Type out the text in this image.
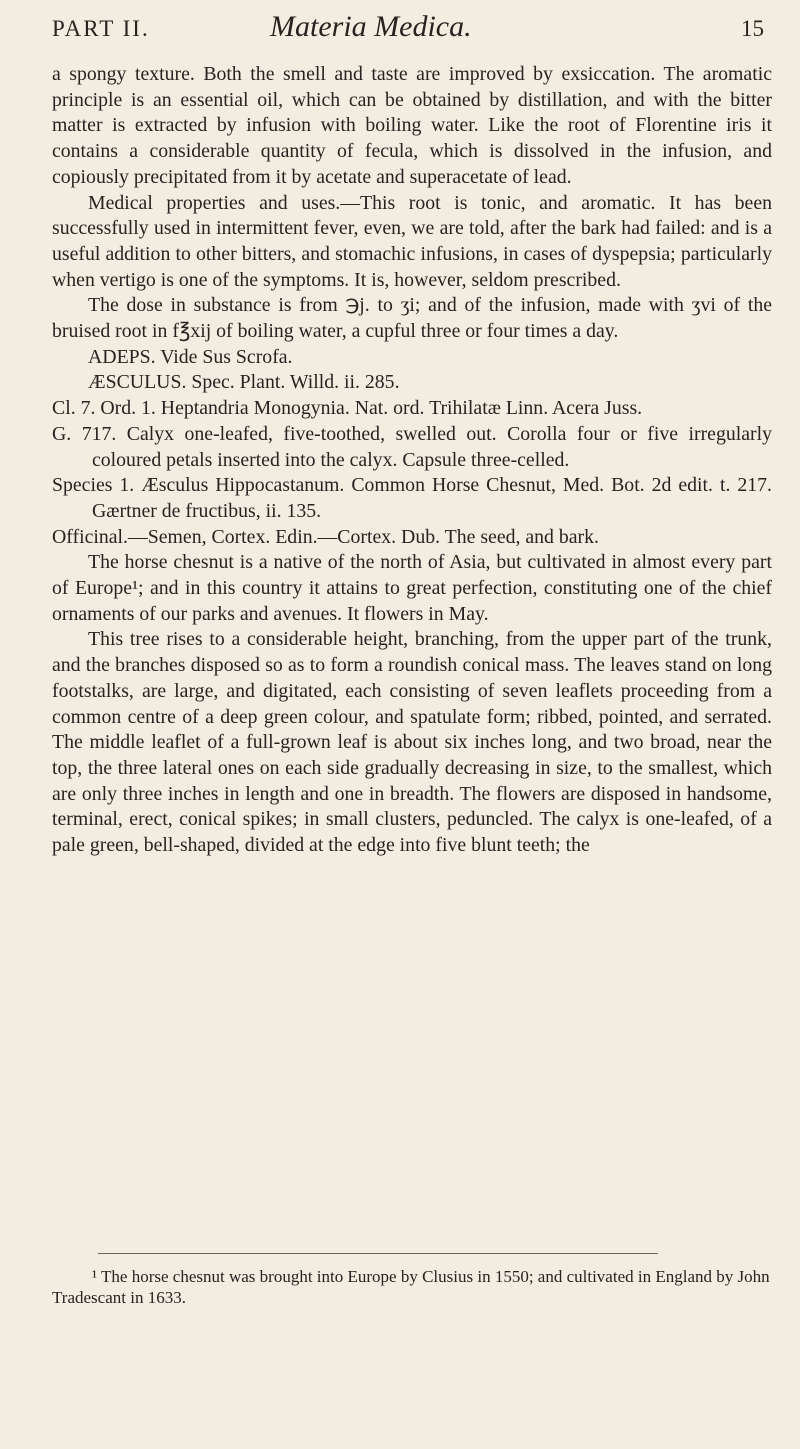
PART II.	Materia Medica.	15

a spongy texture. Both the smell and taste are improved by exsiccation. The aromatic principle is an essential oil, which can be obtained by distillation, and with the bitter matter is extracted by infusion with boiling water. Like the root of Florentine iris it contains a considerable quantity of fecula, which is dissolved in the infusion, and copiously precipitated from it by acetate and superacetate of lead.

Medical properties and uses.—This root is tonic, and aromatic. It has been successfully used in intermittent fever, even, we are told, after the bark had failed: and is a useful addition to other bitters, and stomachic infusions, in cases of dyspepsia; particularly when vertigo is one of the symptoms. It is, however, seldom prescribed.

The dose in substance is from ℈j. to ʒi; and of the infusion, made with ʒvi of the bruised root in f℥xij of boiling water, a cupful three or four times a day.

ADEPS. Vide Sus Scrofa.

ÆSCULUS. Spec. Plant. Willd. ii. 285.

Cl. 7. Ord. 1. Heptandria Monogynia. Nat. ord. Trihilatæ Linn. Acera Juss.

G. 717. Calyx one-leafed, five-toothed, swelled out. Corolla four or five irregularly coloured petals inserted into the calyx. Capsule three-celled.

Species 1. Æsculus Hippocastanum. Common Horse Chesnut, Med. Bot. 2d edit. t. 217. Gærtner de fructibus, ii. 135.

Officinal.—Semen, Cortex. Edin.—Cortex. Dub. The seed, and bark.

The horse chesnut is a native of the north of Asia, but cultivated in almost every part of Europe¹; and in this country it attains to great perfection, constituting one of the chief ornaments of our parks and avenues. It flowers in May.

This tree rises to a considerable height, branching, from the upper part of the trunk, and the branches disposed so as to form a roundish conical mass. The leaves stand on long footstalks, are large, and digitated, each consisting of seven leaflets proceeding from a common centre of a deep green colour, and spatulate form; ribbed, pointed, and serrated. The middle leaflet of a full-grown leaf is about six inches long, and two broad, near the top, the three lateral ones on each side gradually decreasing in size, to the smallest, which are only three inches in length and one in breadth. The flowers are disposed in handsome, terminal, erect, conical spikes; in small clusters, peduncled. The calyx is one-leafed, of a pale green, bell-shaped, divided at the edge into five blunt teeth; the

¹ The horse chesnut was brought into Europe by Clusius in 1550; and cultivated in England by John Tradescant in 1633.
